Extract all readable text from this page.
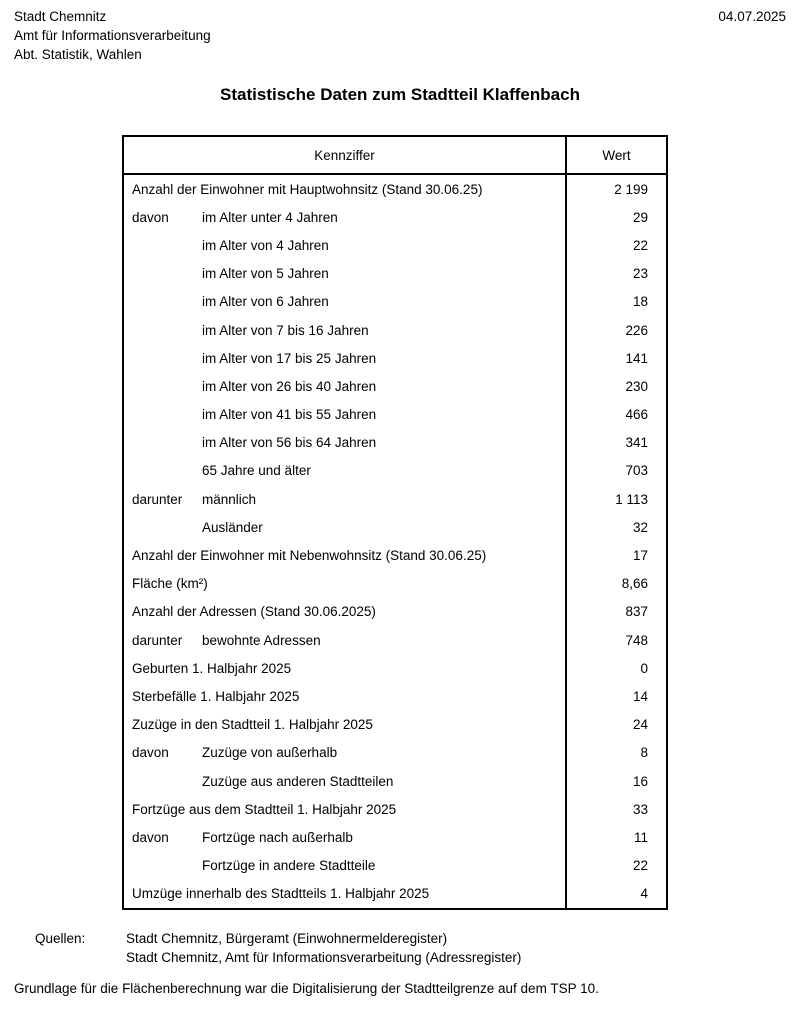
Stadt Chemnitz
Amt für Informationsverarbeitung
Abt. Statistik, Wahlen
04.07.2025
Statistische Daten zum Stadtteil Klaffenbach
Kennziffer	Wert
Anzahl der Einwohner mit Hauptwohnsitz (Stand 30.06.25)	2 199
davon	im Alter unter 4 Jahren	29
im Alter von 4 Jahren	22
im Alter von 5 Jahren	23
im Alter von 6 Jahren	18
im Alter von 7 bis 16 Jahren	226
im Alter von 17 bis 25 Jahren	141
im Alter von 26 bis 40 Jahren	230
im Alter von 41 bis 55 Jahren	466
im Alter von 56 bis 64 Jahren	341
65 Jahre und älter	703
darunter	männlich	1 113
Ausländer	32
Anzahl der Einwohner mit Nebenwohnsitz (Stand 30.06.25)	17
Fläche (km²)	8,66
Anzahl der Adressen (Stand 30.06.2025)	837
darunter	bewohnte Adressen	748
Geburten 1. Halbjahr 2025	0
Sterbefälle 1. Halbjahr 2025	14
Zuzüge in den Stadtteil 1. Halbjahr 2025	24
davon	Zuzüge von außerhalb	8
Zuzüge aus anderen Stadtteilen	16
Fortzüge aus dem Stadtteil 1. Halbjahr 2025	33
davon	Fortzüge nach außerhalb	11
Fortzüge in andere Stadtteile	22
Umzüge innerhalb des Stadtteils 1. Halbjahr 2025	4
Quellen:	Stadt Chemnitz, Bürgeramt (Einwohnermelderegister)
Stadt Chemnitz, Amt für Informationsverarbeitung (Adressregister)
Grundlage für die Flächenberechnung war die Digitalisierung der Stadtteilgrenze auf dem TSP 10.
